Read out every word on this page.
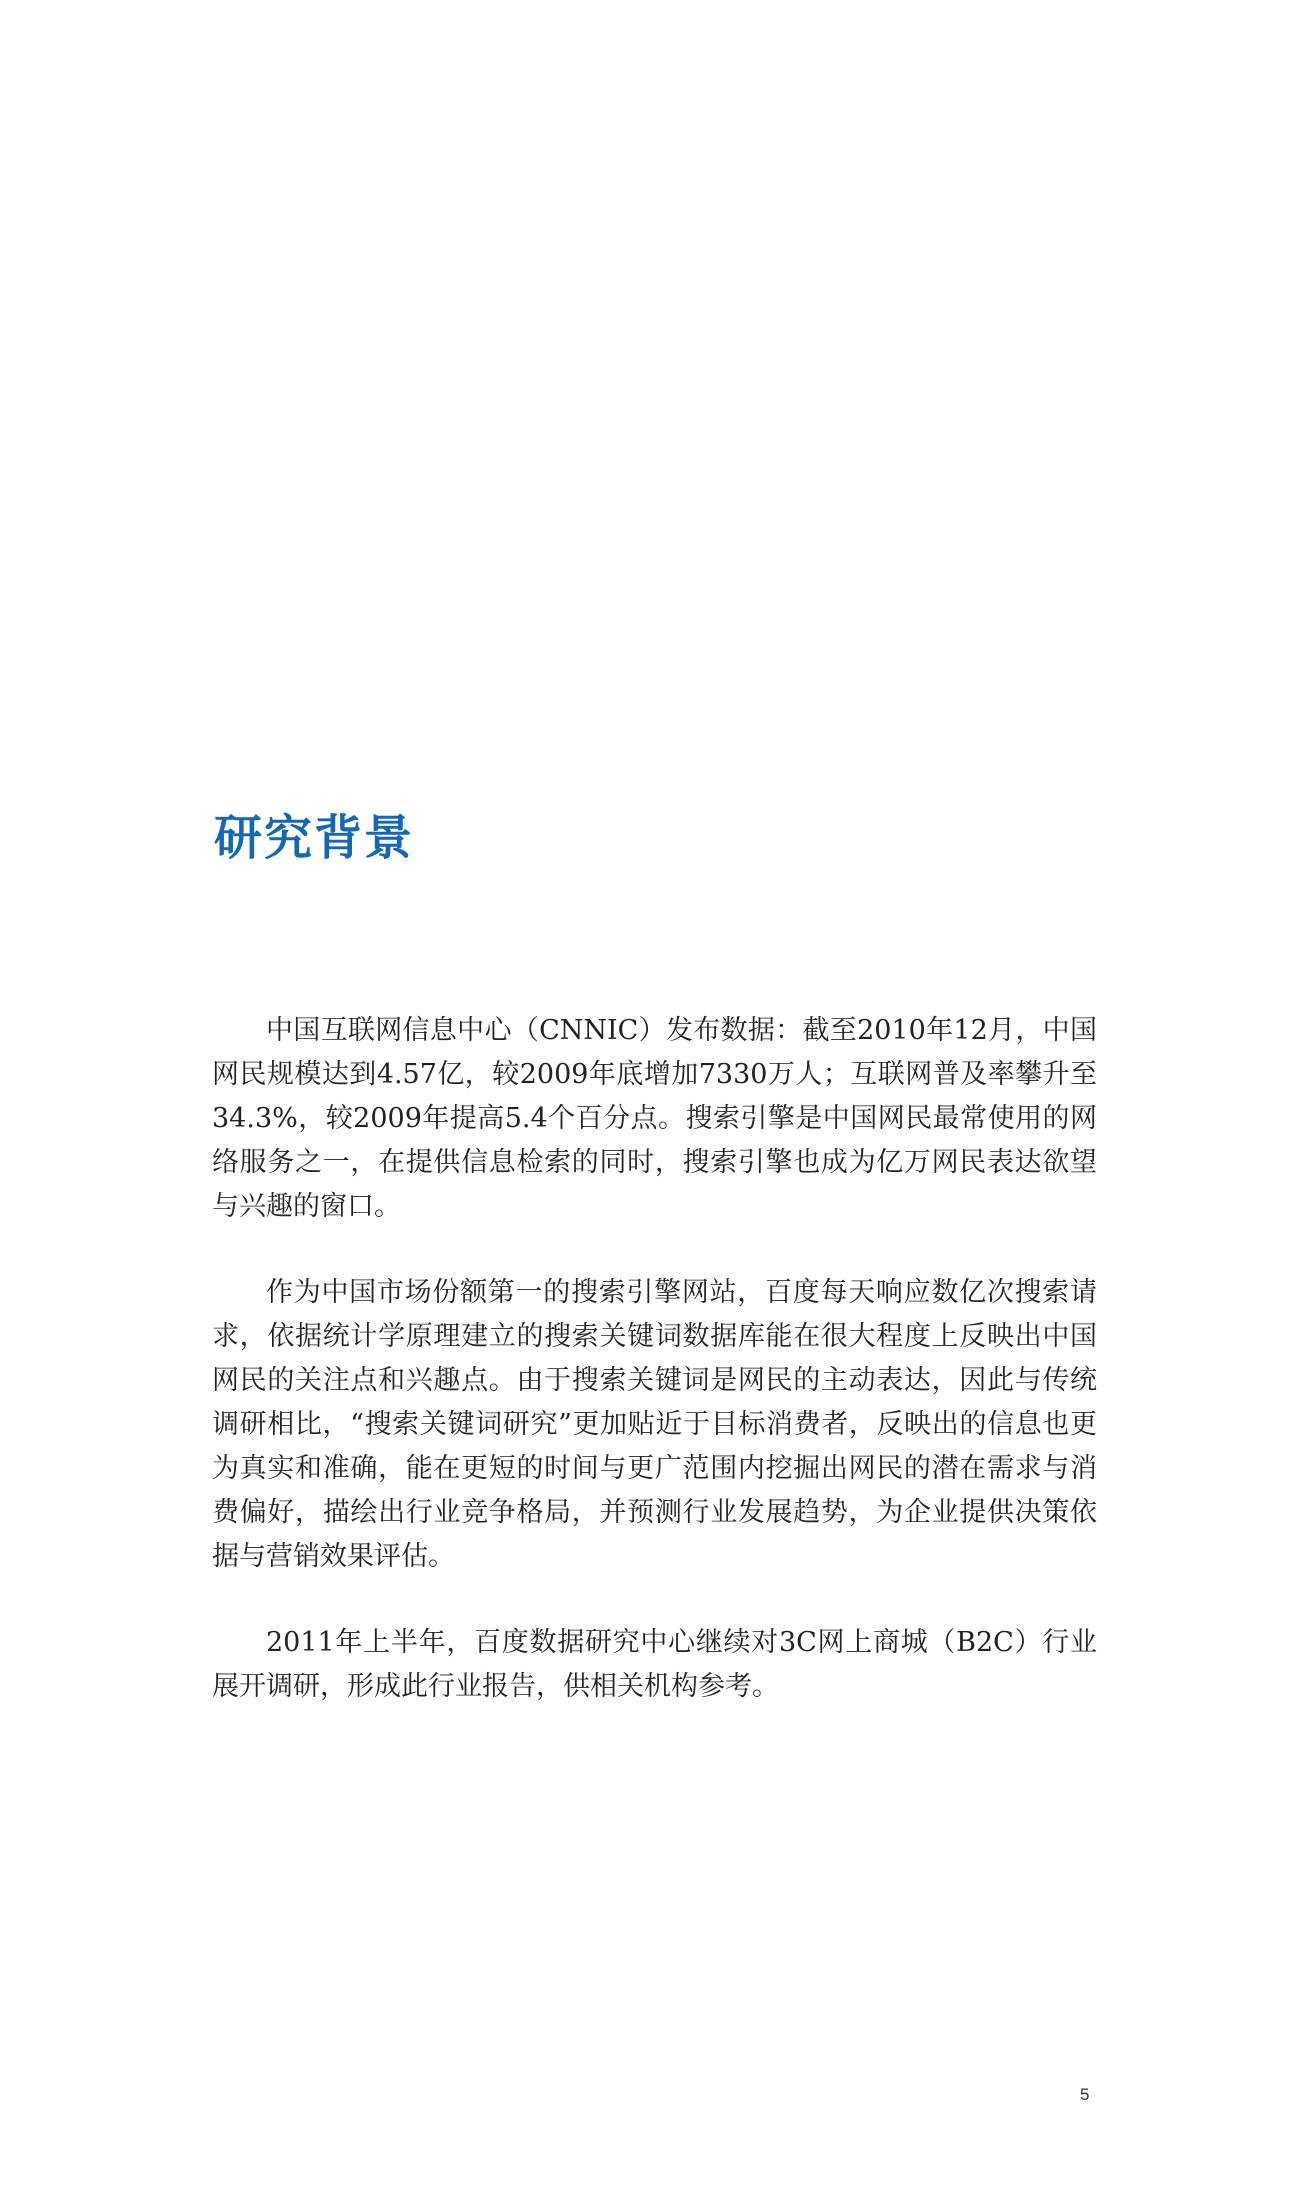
研究背景

中国互联网信息中心（CNNIC）发布数据：截至2010年12月，中国网民规模达到4.57亿，较2009年底增加7330万人；互联网普及率攀升至34.3%，较2009年提高5.4个百分点。搜索引擎是中国网民最常使用的网络服务之一，在提供信息检索的同时，搜索引擎也成为亿万网民表达欲望与兴趣的窗口。

作为中国市场份额第一的搜索引擎网站，百度每天响应数亿次搜索请求，依据统计学原理建立的搜索关键词数据库能在很大程度上反映出中国网民的关注点和兴趣点。由于搜索关键词是网民的主动表达，因此与传统调研相比，“搜索关键词研究”更加贴近于目标消费者，反映出的信息也更为真实和准确，能在更短的时间与更广范围内挖掘出网民的潜在需求与消费偏好，描绘出行业竞争格局，并预测行业发展趋势，为企业提供决策依据与营销效果评估。

2011年上半年，百度数据研究中心继续对3C网上商城（B2C）行业展开调研，形成此行业报告，供相关机构参考。

5
